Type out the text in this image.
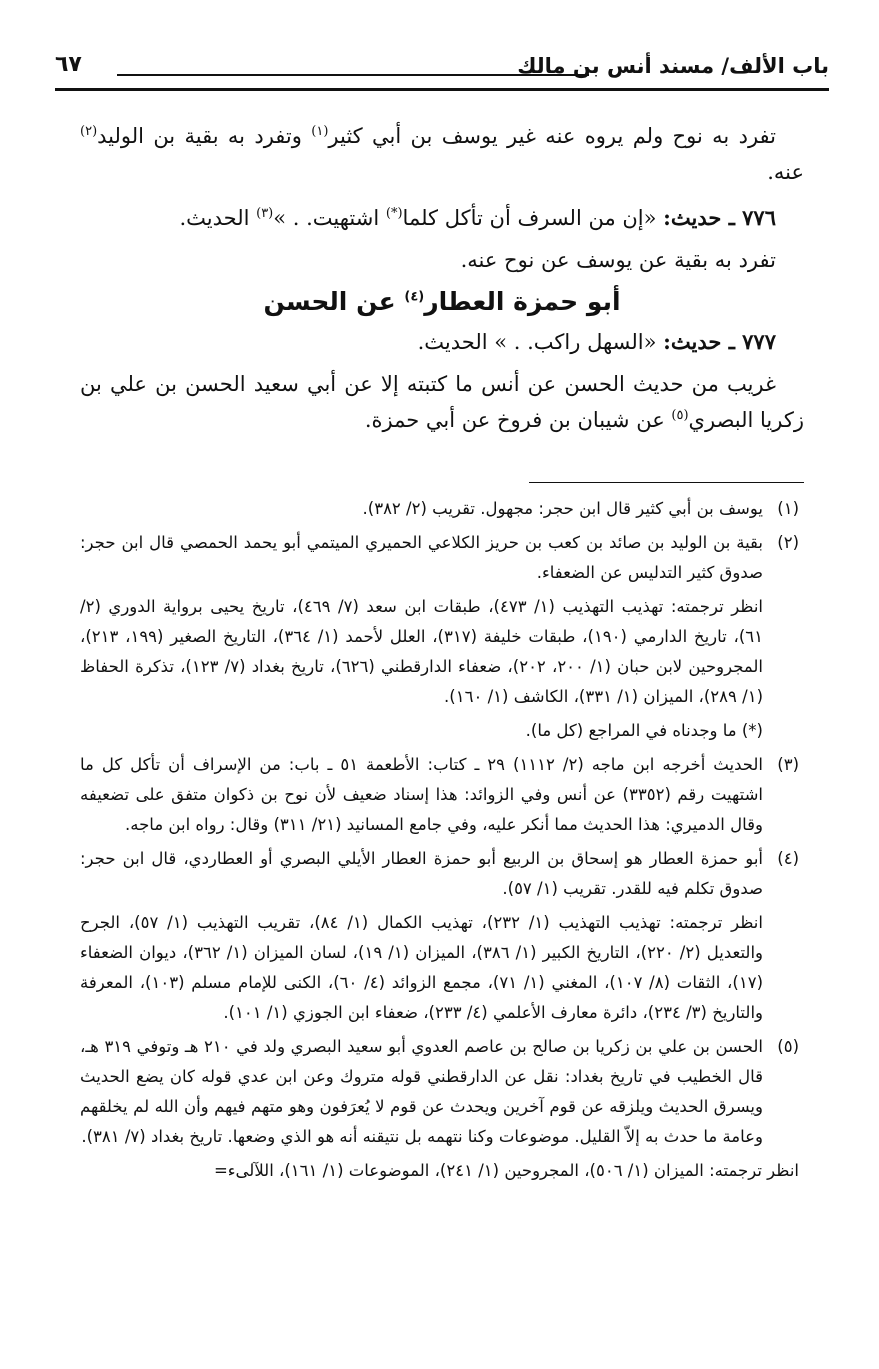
باب الألف/ مسند أنس بن مالك
٦٧

تفرد به نوح ولم يروه عنه غير يوسف بن أبي كثير$^{(١)}$ وتفرد به بقية بن الوليد$^{(٢)}$ عنه.

٧٧٦ ـ حديث: «إن من السرف أن تأكل كلما(*) اشتهيت. . »$^{(٣)}$ الحديث.

تفرد به بقية عن يوسف عن نوح عنه.

أبو حمزة العطار$^{(٤)}$ عن الحسن

٧٧٧ ـ حديث: «السهل راكب. . » الحديث.

غريب من حديث الحسن عن أنس ما كتبته إلا عن أبي سعيد الحسن بن علي بن زكريا البصري$^{(٥)}$ عن شيبان بن فروخ عن أبي حمزة.

(١)

يوسف بن أبي كثير قال ابن حجر: مجهول. تقريب (٢/ ٣٨٢).

(٢)

بقية بن الوليد بن صائد بن كعب بن حريز الكلاعي الحميري الميتمي أبو يحمد الحمصي قال ابن حجر: صدوق كثير التدليس عن الضعفاء.

انظر ترجمته: تهذيب التهذيب (١/ ٤٧٣)، طبقات ابن سعد (٧/ ٤٦٩)، تاريخ يحيى برواية الدوري (٢/ ٦١)، تاريخ الدارمي (١٩٠)، طبقات خليفة (٣١٧)، العلل لأحمد (١/ ٣٦٤)، التاريخ الصغير (١٩٩، ٢١٣)، المجروحين لابن حبان (١/ ٢٠٠، ٢٠٢)، ضعفاء الدارقطني (٦٢٦)، تاريخ بغداد (٧/ ١٢٣)، تذكرة الحفاظ (١/ ٢٨٩)، الميزان (١/ ٣٣١)، الكاشف (١/ ١٦٠).

(*) ما وجدناه في المراجع (كل ما).

(٣)

الحديث أخرجه ابن ماجه (٢/ ١١١٢) ٢٩ ـ كتاب: الأطعمة ٥١ ـ باب: من الإسراف أن تأكل كل ما اشتهيت رقم (٣٣٥٢) عن أنس وفي الزوائد: هذا إسناد ضعيف لأن نوح بن ذكوان متفق على تضعيفه وقال الدميري: هذا الحديث مما أنكر عليه، وفي جامع المسانيد (٢١/ ٣١١) وقال: رواه ابن ماجه.

(٤)

أبو حمزة العطار هو إسحاق بن الربيع أبو حمزة العطار الأيلي البصري أو العطاردي، قال ابن حجر: صدوق تكلم فيه للقدر. تقريب (١/ ٥٧).

انظر ترجمته: تهذيب التهذيب (١/ ٢٣٢)، تهذيب الكمال (١/ ٨٤)، تقريب التهذيب (١/ ٥٧)، الجرح والتعديل (٢/ ٢٢٠)، التاريخ الكبير (١/ ٣٨٦)، الميزان (١/ ١٩)، لسان الميزان (١/ ٣٦٢)، ديوان الضعفاء (١٧)، الثقات (٨/ ١٠٧)، المغني (١/ ٧١)، مجمع الزوائد (٤/ ٦٠)، الكنى للإمام مسلم (١٠٣)، المعرفة والتاريخ (٣/ ٢٣٤)، دائرة معارف الأعلمي (٤/ ٢٣٣)، ضعفاء ابن الجوزي (١/ ١٠١).

(٥)

الحسن بن علي بن زكريا بن صالح بن عاصم العدوي أبو سعيد البصري ولد في ٢١٠ هـ وتوفي ٣١٩ هـ، قال الخطيب في تاريخ بغداد: نقل عن الدارقطني قوله متروك وعن ابن عدي قوله كان يضع الحديث ويسرق الحديث ويلزقه عن قوم آخرين ويحدث عن قوم لا يُعرَفون وهو متهم فيهم وأن الله لم يخلقهم وعامة ما حدث به إلاّ القليل. موضوعات وكنا نتهمه بل نتيقنه أنه هو الذي وضعها. تاريخ بغداد (٧/ ٣٨١).

انظر ترجمته: الميزان (١/ ٥٠٦)، المجروحين (١/ ٢٤١)، الموضوعات (١/ ١٦١)، اللآلىء=
